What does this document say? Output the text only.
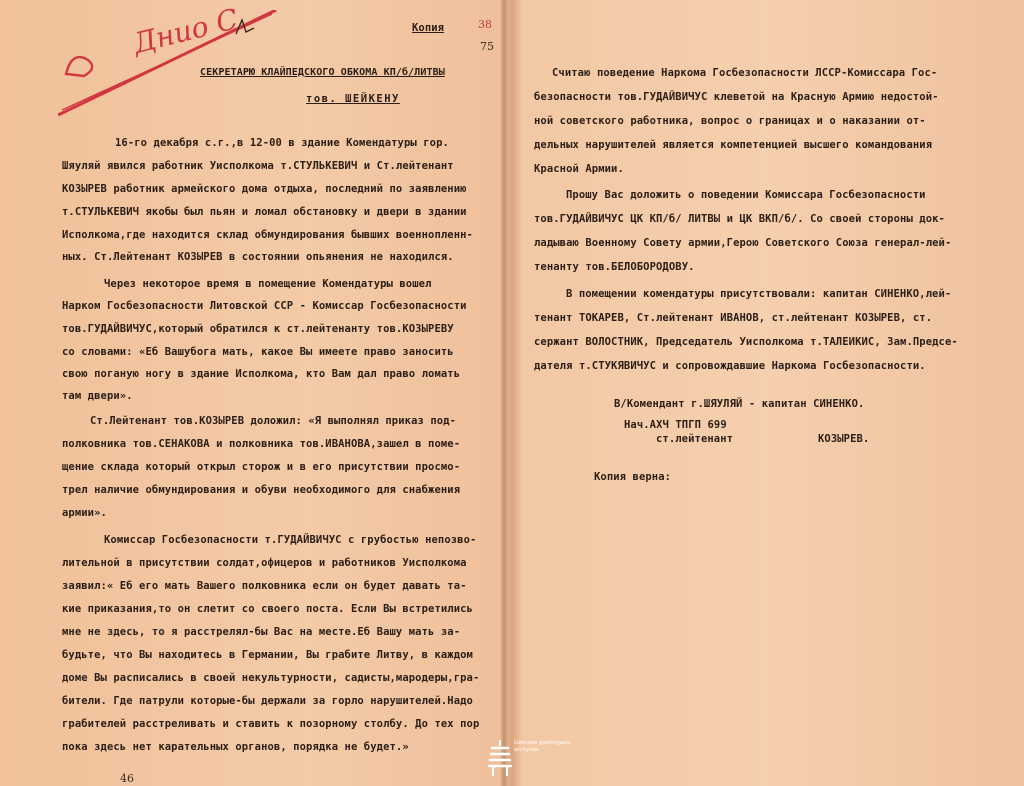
Днио С	38
75
Копия
СЕКРЕТАРЮ КЛАЙПЕДСКОГО ОБКОМА КП/б/ЛИТВЫ
тов. ШЕЙКЕНУ
16-го декабря с.г.,в 12-00 в здание Комендатуры гор.
Шяуляй явился работник Уисполкома т.СТУЛЬКЕВИЧ и Ст.лейтенант
КОЗЫРЕВ работник армейского дома отдыха, последний по заявлению
т.СТУЛЬКЕВИЧ якобы был пьян и ломал обстановку и двери в здании
Исполкома,где находится склад обмундирования бывших военнопленн-
ных. Ст.Лейтенант КОЗЫРЕВ в состоянии опьянения не находился.
Через некоторое время в помещение Комендатуры вошел
Нарком Госбезопасности Литовской ССР - Комиссар Госбезопасности
тов.ГУДАЙВИЧУС,который обратился к ст.лейтенанту тов.КОЗЫРЕВУ
со словами: «Еб Вашубога мать, какое Вы имеете право заносить
свою поганую ногу в здание Исполкома, кто Вам дал право ломать
там двери».
Ст.Лейтенант тов.КОЗЫРЕВ доложил: «Я выполнял приказ под-
полковника тов.СЕНАКОВА и полковника тов.ИВАНОВА,зашел в поме-
щение склада который открыл сторож и в его присутствии просмо-
трел наличие обмундирования и обуви необходимого для снабжения
армии».
Комиссар Госбезопасности т.ГУДАЙВИЧУС с грубостью непозво-
лительной в присутствии солдат,офицеров и работников Уисполкома
заявил:« Еб его мать Вашего полковника если он будет давать та-
кие приказания,то он слетит со своего поста. Если Вы встретились
мне не здесь, то я расстрелял-бы Вас на месте.Еб Вашу мать за-
будьте, что Вы находитесь в Германии, Вы грабите Литву, в каждом
доме Вы расписались в своей некультурности, садисты,мародеры,гра-
бители. Где патрули которые-бы держали за горло нарушителей.Надо
грабителей расстреливать и ставить к позорному столбу. До тех пор
пока здесь нет карательных органов, порядка не будет.»
46
Считаю поведение Наркома Госбезопасности ЛССР-Комиссара Гос-
безопасности тов.ГУДАЙВИЧУС клеветой на Красную Армию недостой-
ной советского работника, вопрос о границах и о наказании от-
дельных нарушителей является компетенцией высшего командования
Красной Армии.
Прошу Вас доложить о поведении Комиссара Госбезопасности
тов.ГУДАЙВИЧУС ЦК КП/б/ ЛИТВЫ и ЦК ВКП/б/. Со своей стороны док-
ладываю Военному Совету армии,Герою Советского Союза генерал-лей-
тенанту тов.БЕЛОБОРОДОВУ.
В помещении комендатуры присутствовали: капитан СИНЕНКО,лей-
тенант ТОКАРЕВ, Ст.лейтенант ИВАНОВ, ст.лейтенант КОЗЫРЕВ, ст.
сержант ВОЛОСТНИК, Председатель Уисполкома т.ТАЛЕИКИС, Зам.Предсе-
дателя т.СТУКЯВИЧУС и сопровождавшие Наркома Госбезопасности.
В/Комендант г.ШЯУЛЯЙ - капитан СИНЕНКО.
Нач.АХЧ ТПГП 699
ст.лейтенант	КОЗЫРЕВ.
Копия верна:
Lietuvos ypatingasis archyvas
